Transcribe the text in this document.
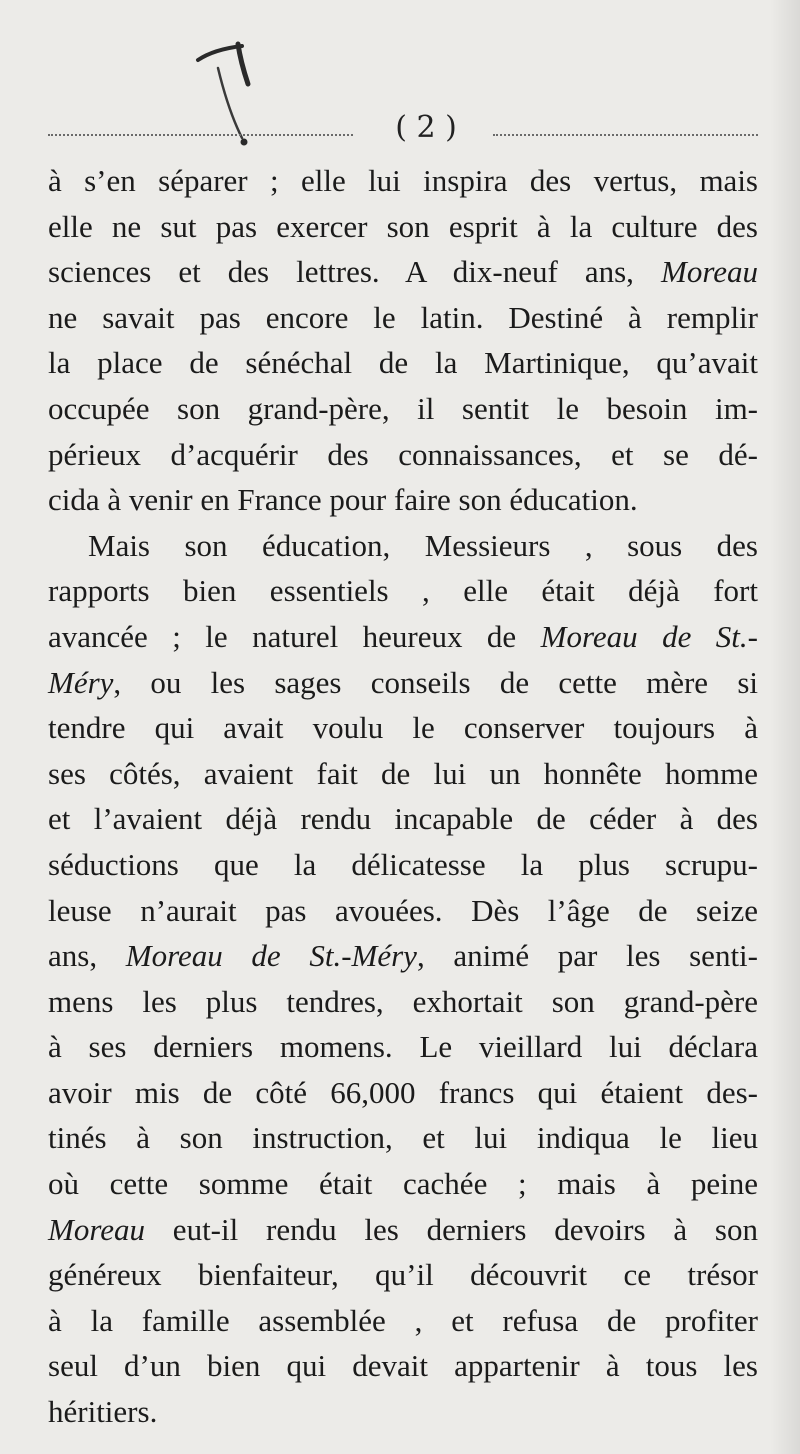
( 2 )
à s’en séparer ; elle lui inspira des vertus, mais
elle ne sut pas exercer son esprit à la culture des
sciences et des lettres. A dix-neuf ans, Moreau
ne savait pas encore le latin. Destiné à remplir
la place de sénéchal de la Martinique, qu’avait
occupée son grand-père, il sentit le besoin im-
périeux d’acquérir des connaissances, et se dé-
cida à venir en France pour faire son éducation.
Mais son éducation, Messieurs , sous des
rapports bien essentiels , elle était déjà fort
avancée ; le naturel heureux de Moreau de St.-
Méry, ou les sages conseils de cette mère si
tendre qui avait voulu le conserver toujours à
ses côtés, avaient fait de lui un honnête homme
et l’avaient déjà rendu incapable de céder à des
séductions que la délicatesse la plus scrupu-
leuse n’aurait pas avouées. Dès l’âge de seize
ans, Moreau de St.-Méry, animé par les senti-
mens les plus tendres, exhortait son grand-père
à ses derniers momens. Le vieillard lui déclara
avoir mis de côté 66,000 francs qui étaient des-
tinés à son instruction, et lui indiqua le lieu
où cette somme était cachée ; mais à peine
Moreau eut-il rendu les derniers devoirs à son
généreux bienfaiteur, qu’il découvrit ce trésor
à la famille assemblée , et refusa de profiter
seul d’un bien qui devait appartenir à tous les
héritiers.
